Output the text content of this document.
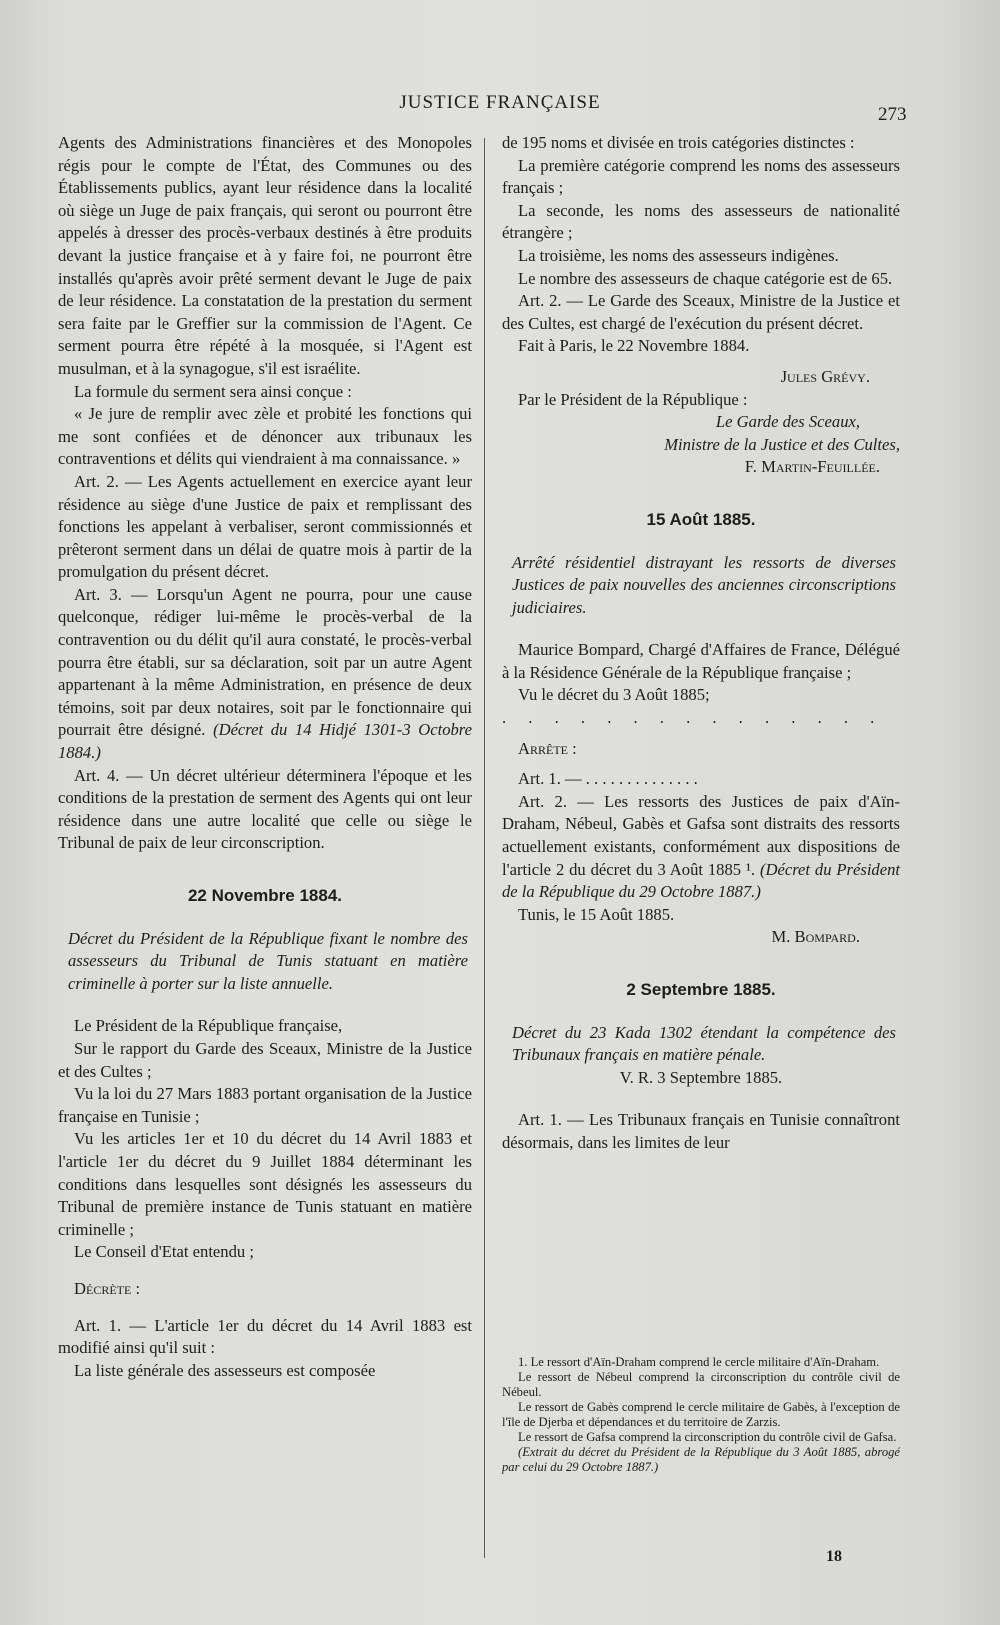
JUSTICE FRANÇAISE
273

Agents des Administrations financières et des Monopoles régis pour le compte de l'État, des Communes ou des Établissements publics, ayant leur résidence dans la localité où siège un Juge de paix français, qui seront ou pourront être appelés à dresser des procès-verbaux destinés à être produits devant la justice française et à y faire foi, ne pourront être installés qu'après avoir prêté serment devant le Juge de paix de leur résidence. La constatation de la prestation du serment sera faite par le Greffier sur la commission de l'Agent. Ce serment pourra être répété à la mosquée, si l'Agent est musulman, et à la synagogue, s'il est israélite.

La formule du serment sera ainsi conçue :

« Je jure de remplir avec zèle et probité les fonctions qui me sont confiées et de dénoncer aux tribunaux les contraventions et délits qui viendraient à ma connaissance. »

Art. 2. — Les Agents actuellement en exercice ayant leur résidence au siège d'une Justice de paix et remplissant des fonctions les appelant à verbaliser, seront commissionnés et prêteront serment dans un délai de quatre mois à partir de la promulgation du présent décret.

Art. 3. — Lorsqu'un Agent ne pourra, pour une cause quelconque, rédiger lui-même le procès-verbal de la contravention ou du délit qu'il aura constaté, le procès-verbal pourra être établi, sur sa déclaration, soit par un autre Agent appartenant à la même Administration, en présence de deux témoins, soit par deux notaires, soit par le fonctionnaire qui pourrait être désigné. (Décret du 14 Hidjé 1301-3 Octobre 1884.)

Art. 4. — Un décret ultérieur déterminera l'époque et les conditions de la prestation de serment des Agents qui ont leur résidence dans une autre localité que celle ou siège le Tribunal de paix de leur circonscription.

22 Novembre 1884.

Décret du Président de la République fixant le nombre des assesseurs du Tribunal de Tunis statuant en matière criminelle à porter sur la liste annuelle.

Le Président de la République française,

Sur le rapport du Garde des Sceaux, Ministre de la Justice et des Cultes ;

Vu la loi du 27 Mars 1883 portant organisation de la Justice française en Tunisie ;

Vu les articles 1er et 10 du décret du 14 Avril 1883 et l'article 1er du décret du 9 Juillet 1884 déterminant les conditions dans lesquelles sont désignés les assesseurs du Tribunal de première instance de Tunis statuant en matière criminelle ;

Le Conseil d'Etat entendu ;

Décrète :

Art. 1. — L'article 1er du décret du 14 Avril 1883 est modifié ainsi qu'il suit :

La liste générale des assesseurs est composée

de 195 noms et divisée en trois catégories distinctes :

La première catégorie comprend les noms des assesseurs français ;

La seconde, les noms des assesseurs de nationalité étrangère ;

La troisième, les noms des assesseurs indigènes.

Le nombre des assesseurs de chaque catégorie est de 65.

Art. 2. — Le Garde des Sceaux, Ministre de la Justice et des Cultes, est chargé de l'exécution du présent décret.

Fait à Paris, le 22 Novembre 1884.

Jules Grévy.

Par le Président de la République :

Le Garde des Sceaux,

Ministre de la Justice et des Cultes,

F. Martin-Feuillée.

15 Août 1885.

Arrêté résidentiel distrayant les ressorts de diverses Justices de paix nouvelles des anciennes circonscriptions judiciaires.

Maurice Bompard, Chargé d'Affaires de France, Délégué à la Résidence Générale de la République française ;

Vu le décret du 3 Août 1885;

. . . . . . . . . . . . . . .

Arrête :

Art. 1. — . . . . . . . . . . . . . .

Art. 2. — Les ressorts des Justices de paix d'Aïn-Draham, Nébeul, Gabès et Gafsa sont distraits des ressorts actuellement existants, conformément aux dispositions de l'article 2 du décret du 3 Août 1885 ¹. (Décret du Président de la République du 29 Octobre 1887.)

Tunis, le 15 Août 1885.

M. Bompard.

2 Septembre 1885.

Décret du 23 Kada 1302 étendant la compétence des Tribunaux français en matière pénale.

V. R. 3 Septembre 1885.

Art. 1. — Les Tribunaux français en Tunisie connaîtront désormais, dans les limites de leur

1. Le ressort d'Aïn-Draham comprend le cercle militaire d'Aïn-Draham.

Le ressort de Nébeul comprend la circonscription du contrôle civil de Nébeul.

Le ressort de Gabès comprend le cercle militaire de Gabès, à l'exception de l'île de Djerba et dépendances et du territoire de Zarzis.

Le ressort de Gafsa comprend la circonscription du contrôle civil de Gafsa.

(Extrait du décret du Président de la République du 3 Août 1885, abrogé par celui du 29 Octobre 1887.)

18
